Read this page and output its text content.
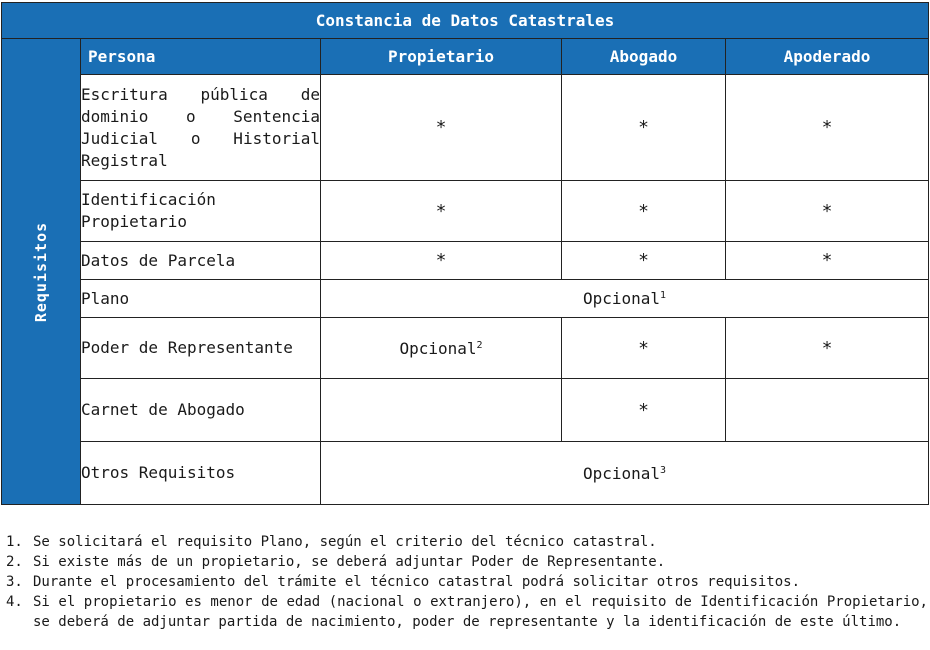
Constancia de Datos Catastrales				

Requisitos	Persona	Propietario	Abogado	Apoderado
	Escritura pública de dominio o Sentencia Judicial o Historial Registral	*	*	*
	Identificación Propietario	*	*	*
	Datos de Parcela	*	*	*
	Plano	Opcional$^1$
	Poder de Representante	Opcional$^2$	*	*
	Carnet de Abogado		*	
	Otros Requisitos	Opcional$^3$
1. Se solicitará el requisito Plano, según el criterio del técnico catastral.
2. Si existe más de un propietario, se deberá adjuntar Poder de Representante.
3. Durante el procesamiento del trámite el técnico catastral podrá solicitar otros requisitos.
4. Si el propietario es menor de edad (nacional o extranjero), en el requisito de Identificación Propietario, se deberá de adjuntar partida de nacimiento, poder de representante y la identificación de este último.
